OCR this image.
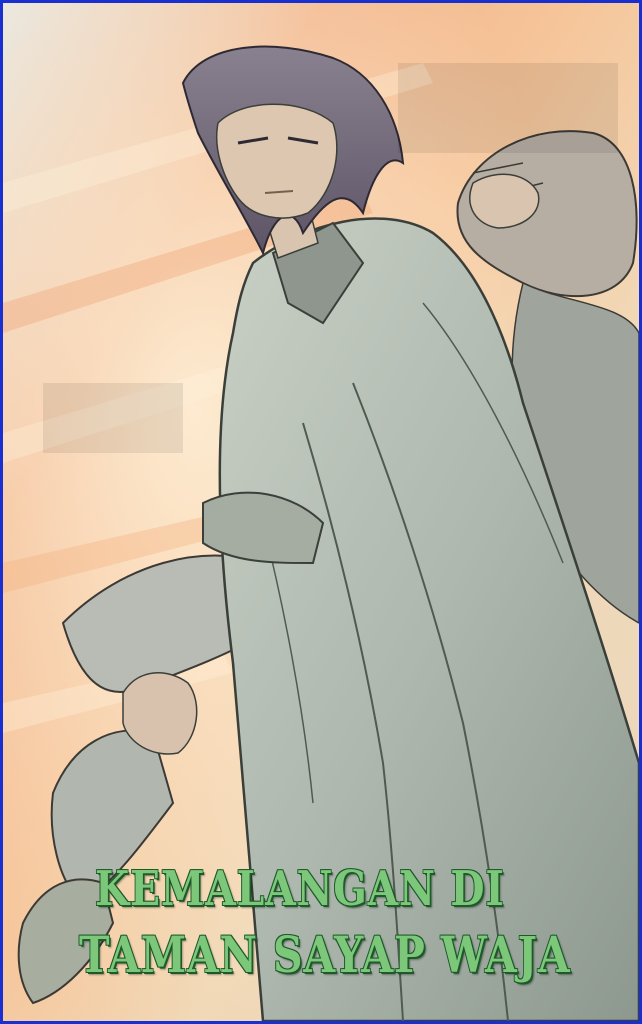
KEMALANGAN DI
TAMAN SAYAP WAJA
